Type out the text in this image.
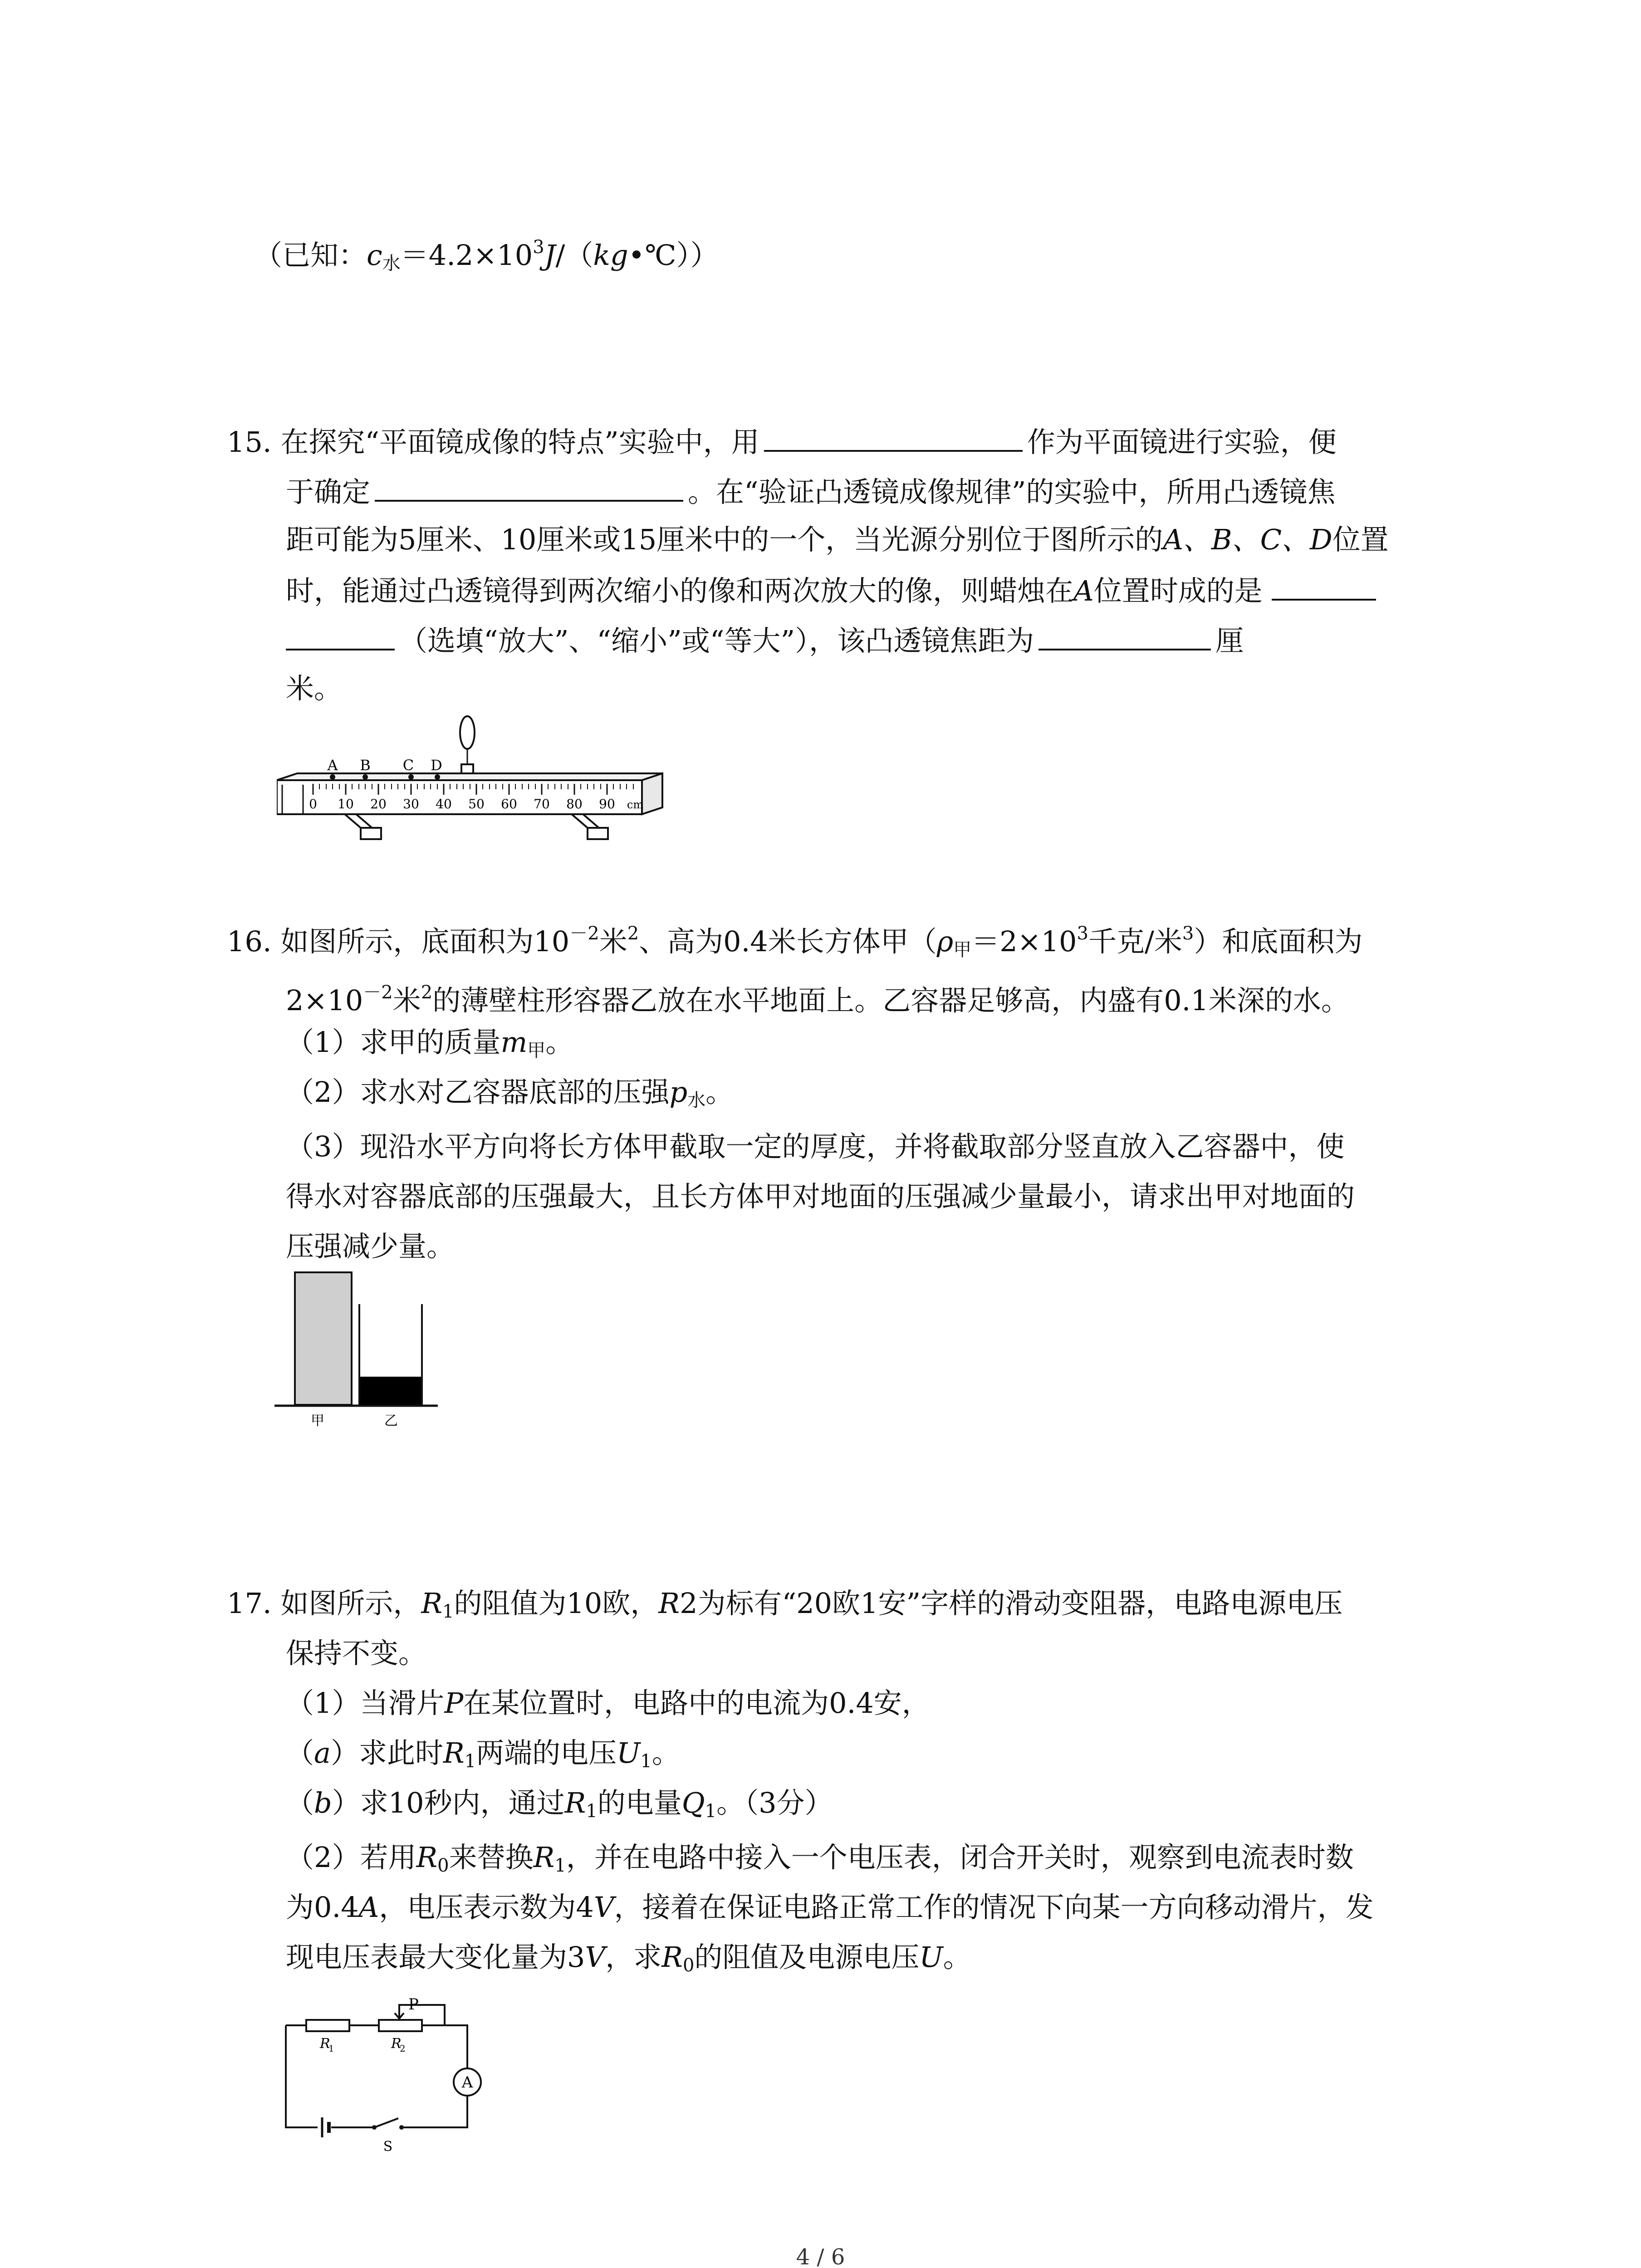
（已知：$c_水=4.2\times 10^3J/(kg•℃)$）
15. 在探究“平面镜成像的特点”实验中，用	作为平面镜进行实验，便
于确定	。在“验证凸透镜成像规律”的实验中，所用凸透镜焦
距可能为5厘米、10厘米或15厘米中的一个，当光源分别位于图所示的A、B、C、D位置
时，能通过凸透镜得到两次缩小的像和两次放大的像，则蜡烛在A位置时成的是
（选填“放大”、“缩小”或“等大”），该凸透镜焦距为	厘
米。
0 10 20 30 40 50 60 70 80 90 cm
A B C D
16. 如图所示，底面积为$10^{-2}$米$^2$、高为0.4米长方体甲（$\rho_甲=2\times 10^3$千克/米$^3$）和底面积为
$2\times 10^{-2}$米$^2$的薄壁柱形容器乙放在水平地面上。乙容器足够高，内盛有0.1米深的水。
（1）求甲的质量$m_甲$。
（2）求水对乙容器底部的压强$p_水$。
（3）现沿水平方向将长方体甲截取一定的厚度，并将截取部分竖直放入乙容器中，使
得水对容器底部的压强最大，且长方体甲对地面的压强减少量最小，请求出甲对地面的
压强减少量。
甲	乙
17. 如图所示，$R_1$的阻值为10欧，R2为标有“20欧1安”字样的滑动变阻器，电路电源电压
保持不变。
（1）当滑片P在某位置时，电路中的电流为0.4安，
（a）求此时$R_1$两端的电压$U_1$。
（b）求10秒内，通过$R_1$的电量$Q_1$。（3分）
（2）若用$R_0$来替换$R_1$，并在电路中接入一个电压表，闭合开关时，观察到电流表时数
为0.4A，电压表示数为4V，接着在保证电路正常工作的情况下向某一方向移动滑片，发
现电压表最大变化量为3V，求$R_0$的阻值及电源电压U。
P
R
1	R
2
A
S
4 / 6
